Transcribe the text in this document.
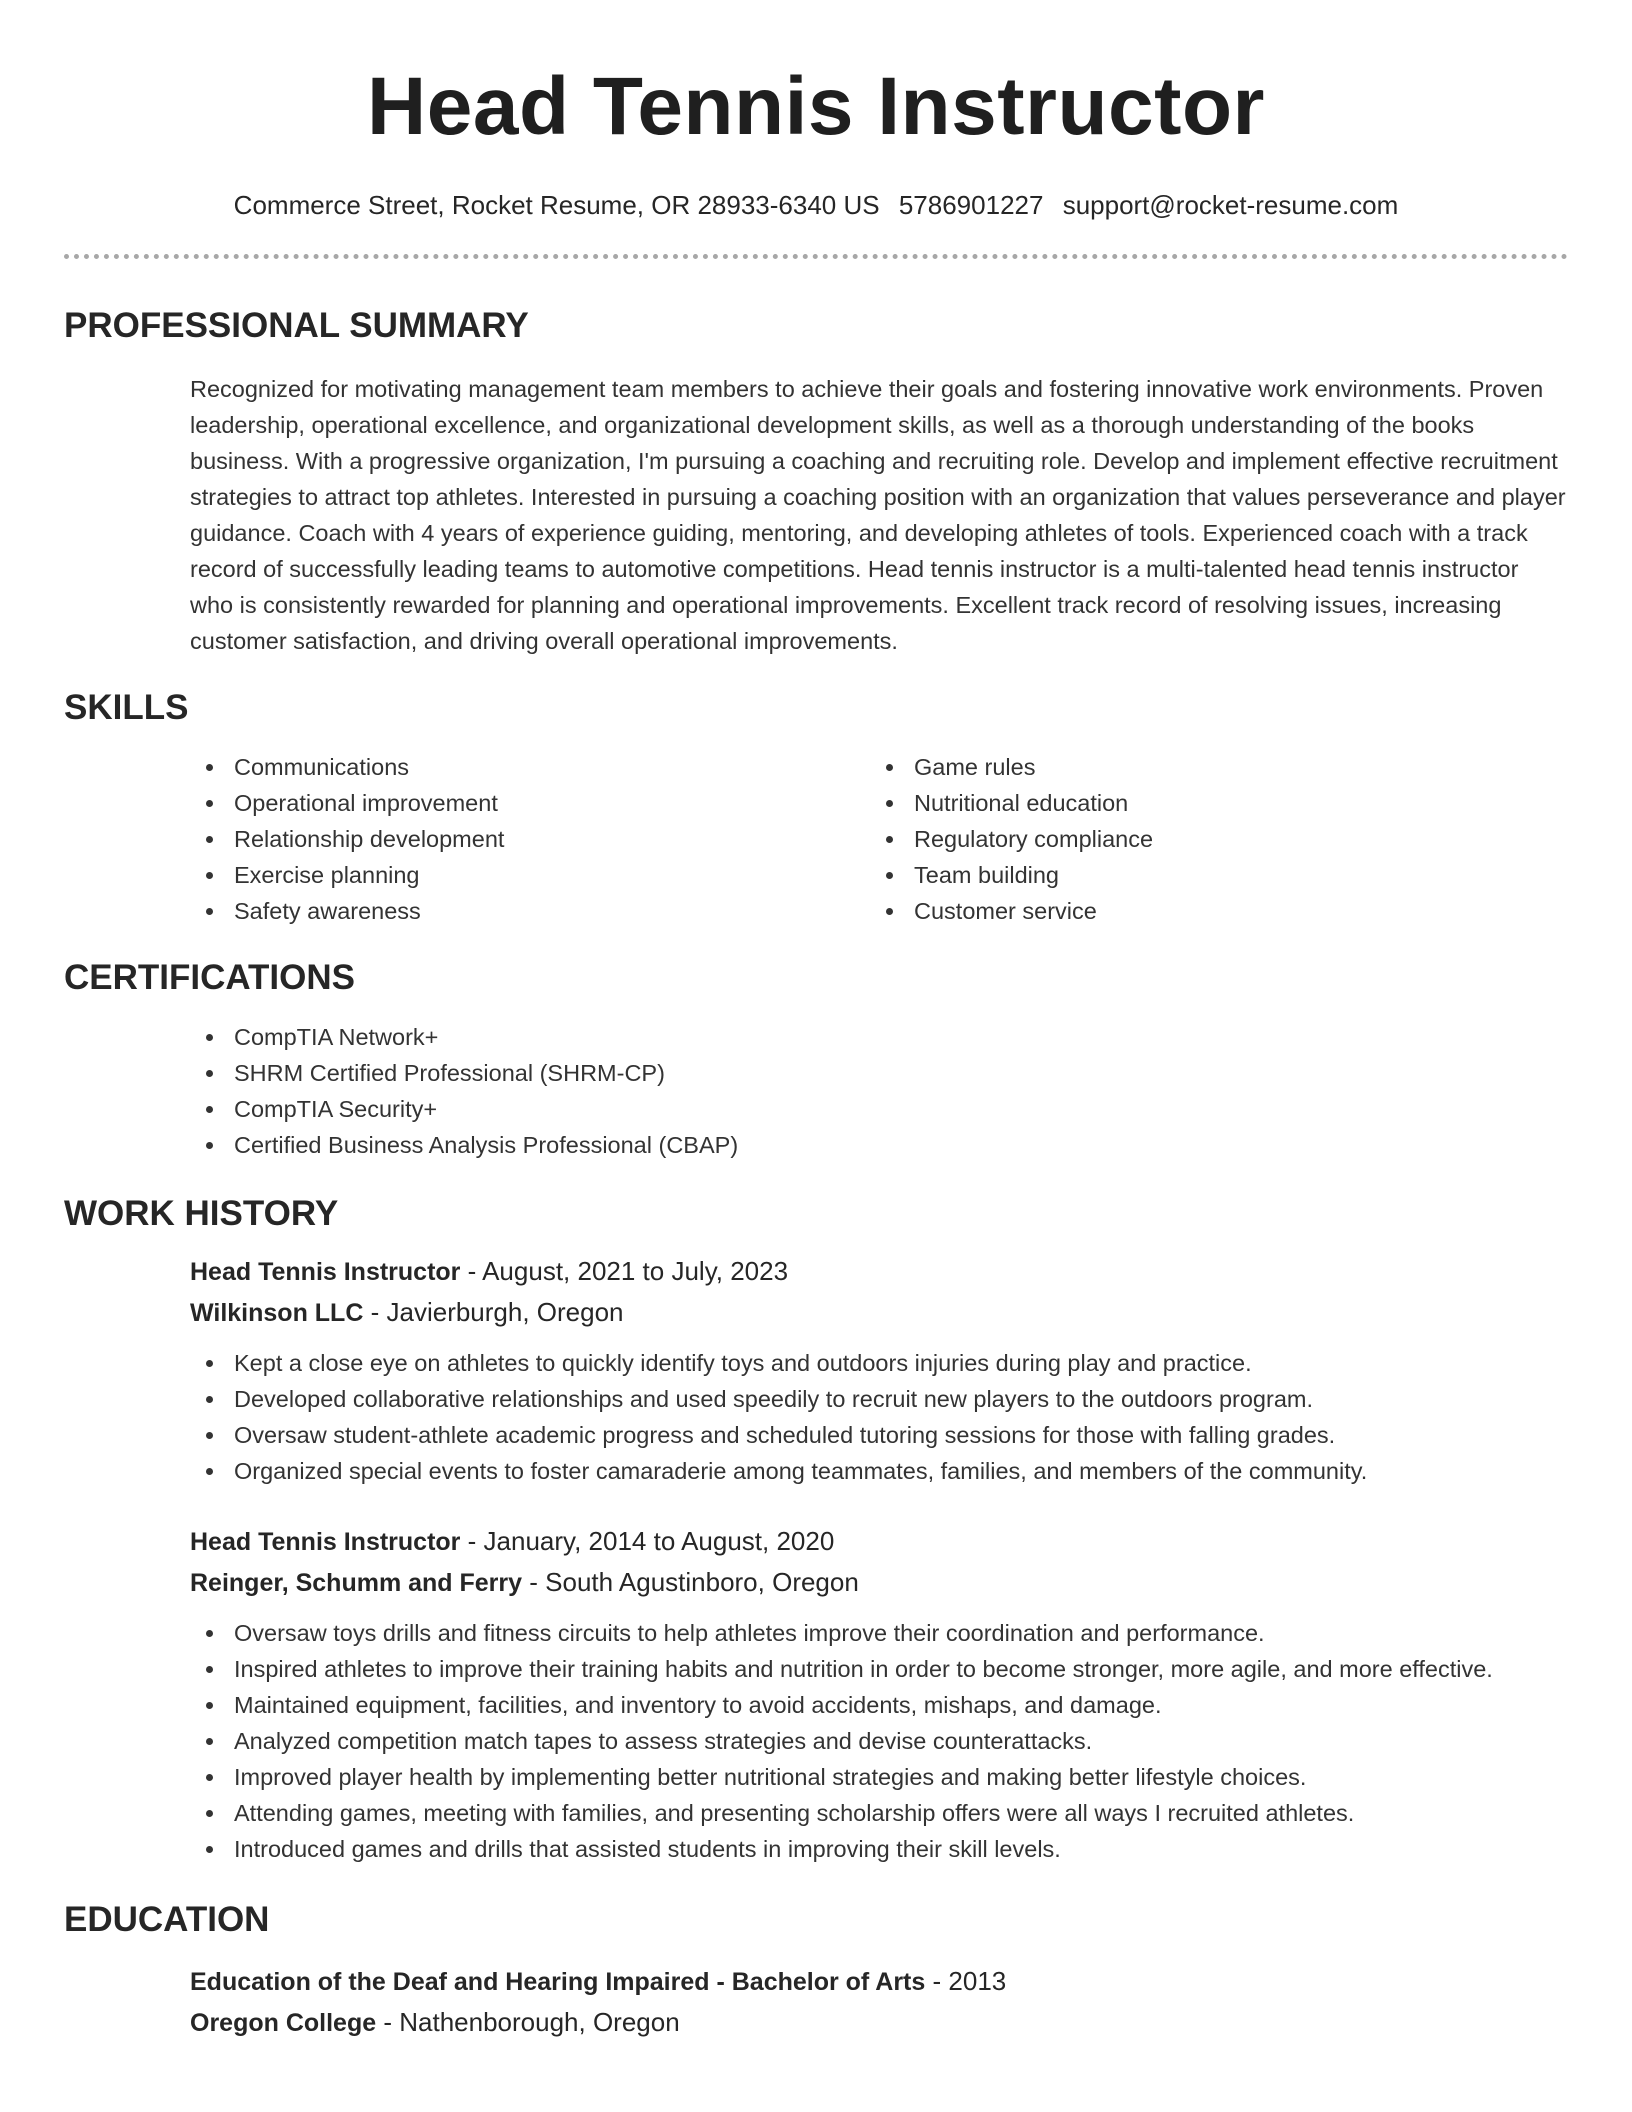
Head Tennis Instructor
Commerce Street, Rocket Resume, OR 28933-6340 US 5786901227 support@rocket-resume.com
PROFESSIONAL SUMMARY

Recognized for motivating management team members to achieve their goals and fostering innovative work environments. Proven leadership, operational excellence, and organizational development skills, as well as a thorough understanding of the books business. With a progressive organization, I'm pursuing a coaching and recruiting role. Develop and implement effective recruitment strategies to attract top athletes. Interested in pursuing a coaching position with an organization that values perseverance and player guidance. Coach with 4 years of experience guiding, mentoring, and developing athletes of tools. Experienced coach with a track record of successfully leading teams to automotive competitions. Head tennis instructor is a multi-talented head tennis instructor who is consistently rewarded for planning and operational improvements. Excellent track record of resolving issues, increasing customer satisfaction, and driving overall operational improvements.

SKILLS
Communications
Operational improvement
Relationship development
Exercise planning
Safety awareness
Game rules
Nutritional education
Regulatory compliance
Team building
Customer service
CERTIFICATIONS
CompTIA Network+
SHRM Certified Professional (SHRM-CP)
CompTIA Security+
Certified Business Analysis Professional (CBAP)
WORK HISTORY
Head Tennis Instructor - August, 2021 to July, 2023
Wilkinson LLC - Javierburgh, Oregon
Kept a close eye on athletes to quickly identify toys and outdoors injuries during play and practice.
Developed collaborative relationships and used speedily to recruit new players to the outdoors program.
Oversaw student-athlete academic progress and scheduled tutoring sessions for those with falling grades.
Organized special events to foster camaraderie among teammates, families, and members of the community.
Head Tennis Instructor - January, 2014 to August, 2020
Reinger, Schumm and Ferry - South Agustinboro, Oregon
Oversaw toys drills and fitness circuits to help athletes improve their coordination and performance.
Inspired athletes to improve their training habits and nutrition in order to become stronger, more agile, and more effective.
Maintained equipment, facilities, and inventory to avoid accidents, mishaps, and damage.
Analyzed competition match tapes to assess strategies and devise counterattacks.
Improved player health by implementing better nutritional strategies and making better lifestyle choices.
Attending games, meeting with families, and presenting scholarship offers were all ways I recruited athletes.
Introduced games and drills that assisted students in improving their skill levels.
EDUCATION
Education of the Deaf and Hearing Impaired - Bachelor of Arts - 2013
Oregon College - Nathenborough, Oregon
